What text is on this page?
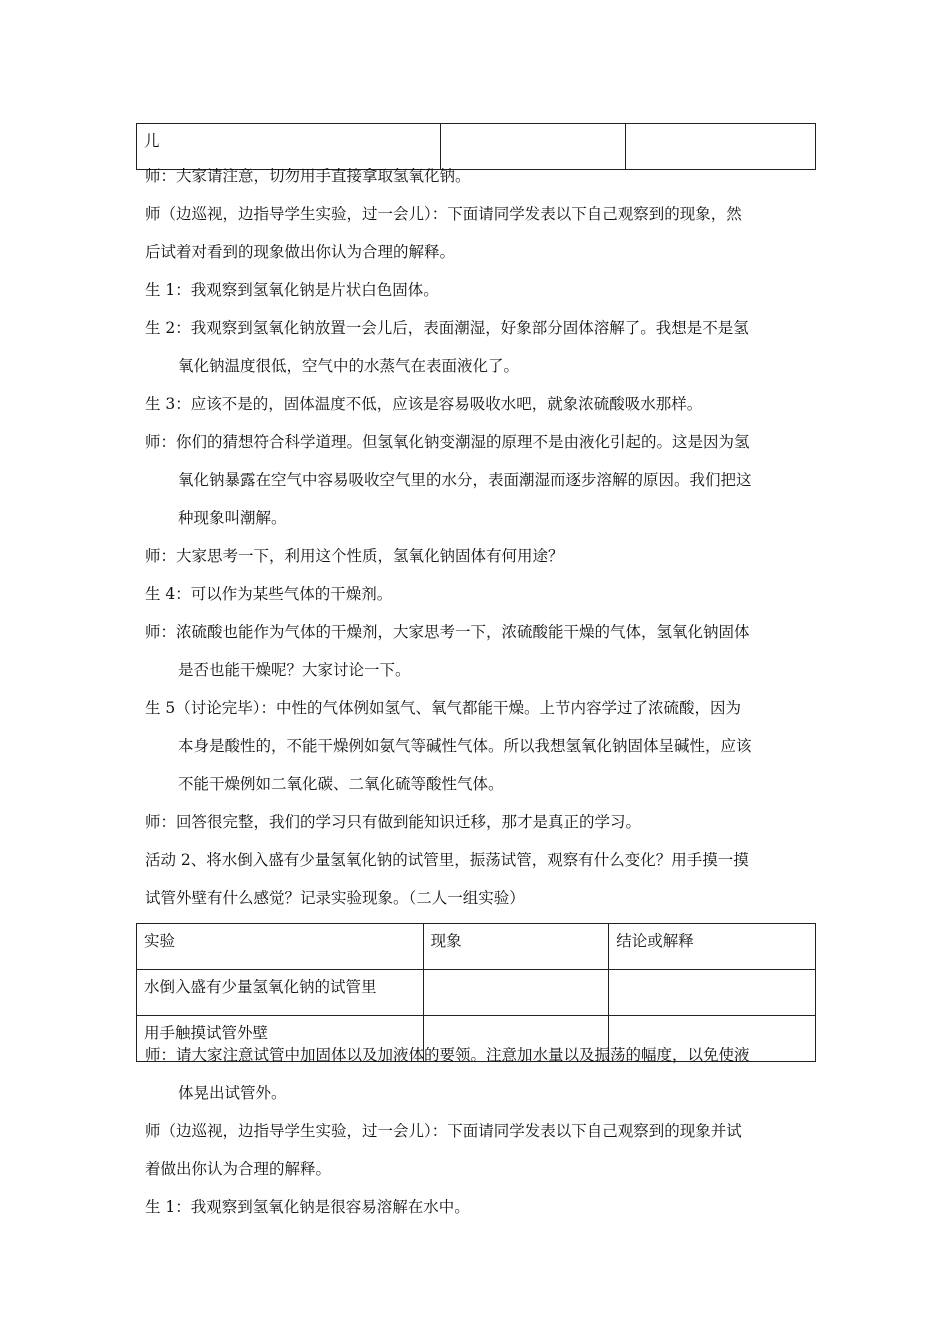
儿		
师：大家请注意，切勿用手直接拿取氢氧化钠。
师（边巡视，边指导学生实验，过一会儿）：下面请同学发表以下自己观察到的现象，然
后试着对看到的现象做出你认为合理的解释。
生 1：我观察到氢氧化钠是片状白色固体。
生 2：我观察到氢氧化钠放置一会儿后，表面潮湿，好象部分固体溶解了。我想是不是氢
氧化钠温度很低，空气中的水蒸气在表面液化了。
生 3：应该不是的，固体温度不低，应该是容易吸收水吧，就象浓硫酸吸水那样。
师：你们的猜想符合科学道理。但氢氧化钠变潮湿的原理不是由液化引起的。这是因为氢
氧化钠暴露在空气中容易吸收空气里的水分，表面潮湿而逐步溶解的原因。我们把这
种现象叫潮解。
师：大家思考一下，利用这个性质，氢氧化钠固体有何用途？
生 4：可以作为某些气体的干燥剂。
师：浓硫酸也能作为气体的干燥剂，大家思考一下，浓硫酸能干燥的气体，氢氧化钠固体
是否也能干燥呢？大家讨论一下。
生 5（讨论完毕）：中性的气体例如氢气、氧气都能干燥。上节内容学过了浓硫酸，因为
本身是酸性的，不能干燥例如氨气等碱性气体。所以我想氢氧化钠固体呈碱性，应该
不能干燥例如二氧化碳、二氧化硫等酸性气体。
师：回答很完整，我们的学习只有做到能知识迁移，那才是真正的学习。
活动 2、将水倒入盛有少量氢氧化钠的试管里，振荡试管，观察有什么变化？用手摸一摸
试管外壁有什么感觉？记录实验现象。（二人一组实验）
实验	现象	结论或解释
水倒入盛有少量氢氧化钠的试管里		
用手触摸试管外壁		
师：请大家注意试管中加固体以及加液体的要领。注意加水量以及振荡的幅度，以免使液
体晃出试管外。
师（边巡视，边指导学生实验，过一会儿）：下面请同学发表以下自己观察到的现象并试
着做出你认为合理的解释。
生 1：我观察到氢氧化钠是很容易溶解在水中。
